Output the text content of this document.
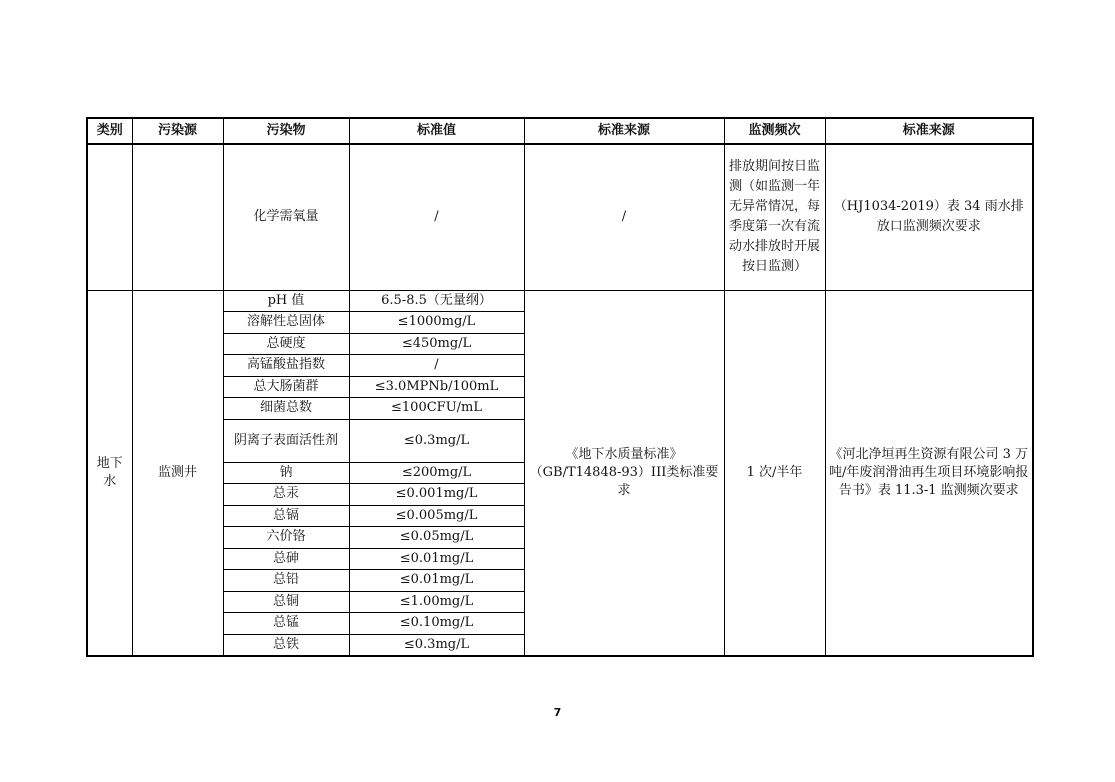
类别	污染源	污染物	标准值	标准来源	监测频次	标准来源
		化学需氧量	/	/	排放期间按日监测（如监测一年无异常情况，每季度第一次有流动水排放时开展按日监测）	（HJ1034-2019）表 34 雨水排放口监测频次要求
地下水	监测井	pH 值	6.5-8.5（无量纲）	《地下水质量标准》（GB/T14848-93）III类标准要求	1 次/半年	《河北净垣再生资源有限公司 3 万吨/年废润滑油再生项目环境影响报告书》表 11.3-1 监测频次要求
		溶解性总固体	≤1000mg/L			
		总硬度	≤450mg/L			
		高锰酸盐指数	/			
		总大肠菌群	≤3.0MPNb/100mL			
		细菌总数	≤100CFU/mL			
		阴离子表面活性剂	≤0.3mg/L			
		钠	≤200mg/L			
		总汞	≤0.001mg/L			
		总镉	≤0.005mg/L			
		六价铬	≤0.05mg/L			
		总砷	≤0.01mg/L			
		总铅	≤0.01mg/L			
		总铜	≤1.00mg/L			
		总锰	≤0.10mg/L			
		总铁	≤0.3mg/L			
7
